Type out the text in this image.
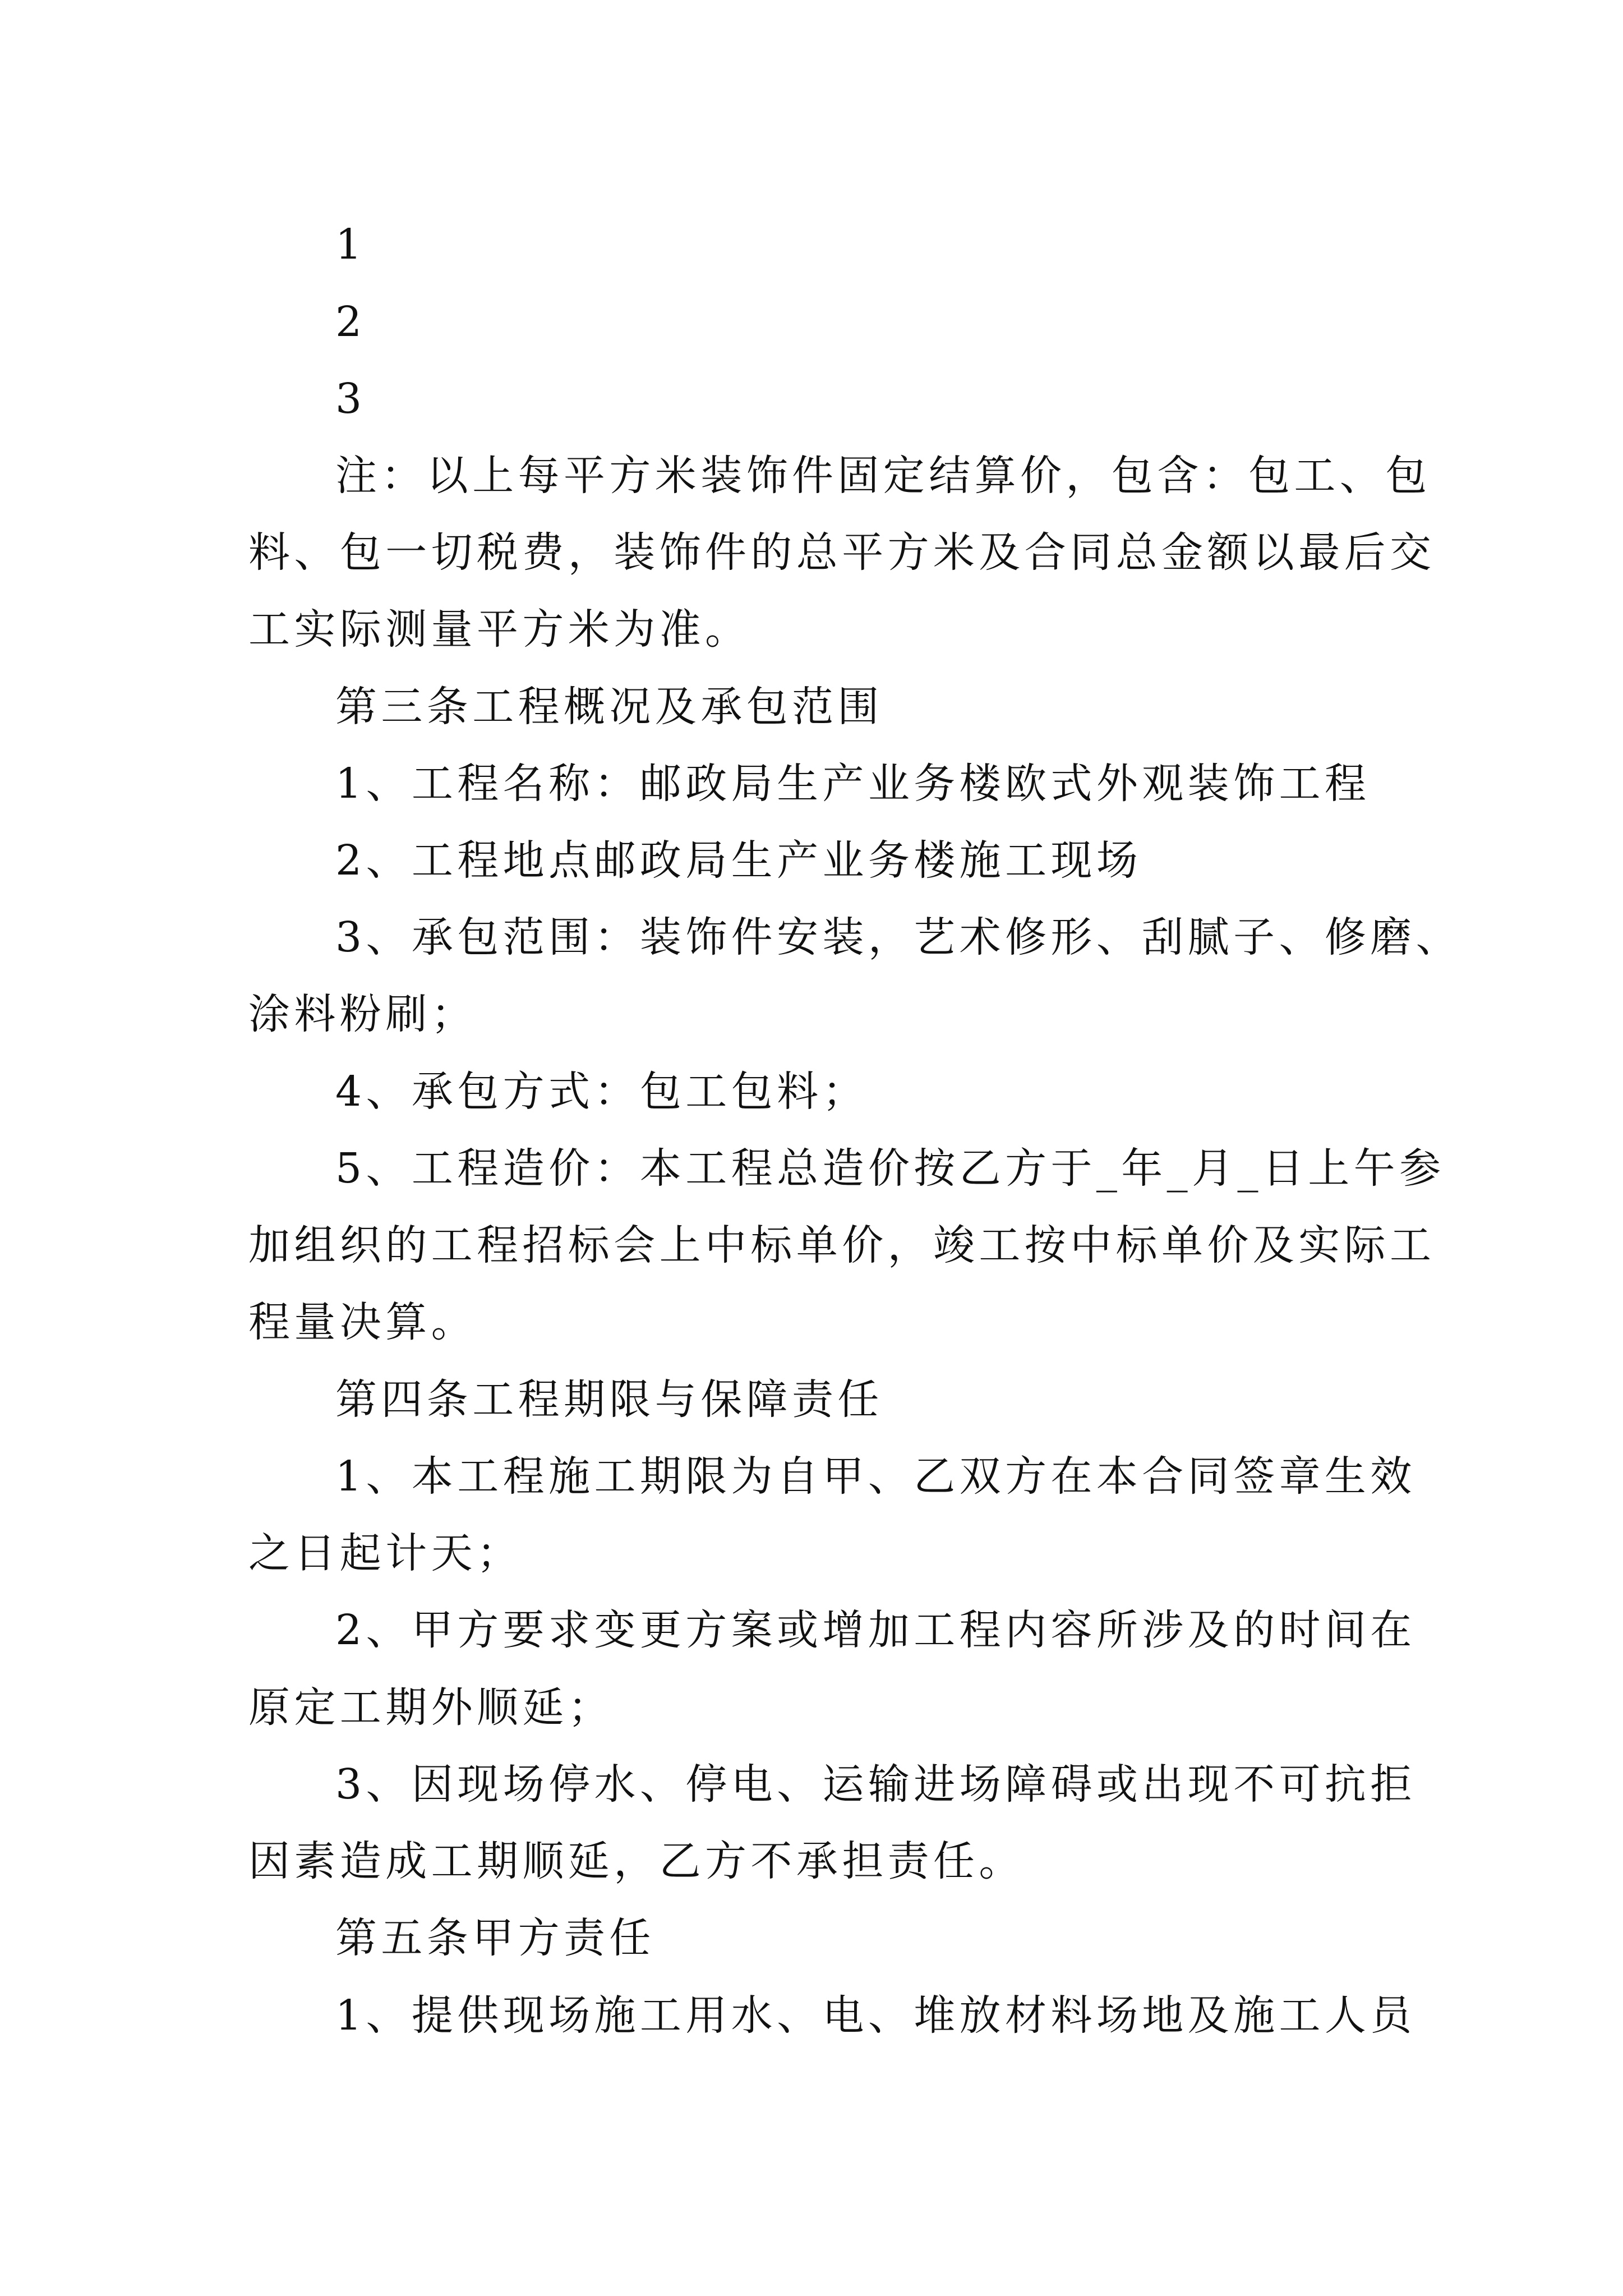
1
2
3
注：以上每平方米装饰件固定结算价，包含：包工、包
料、包一切税费，装饰件的总平方米及合同总金额以最后交
工实际测量平方米为准。
第三条工程概况及承包范围
1、工程名称：邮政局生产业务楼欧式外观装饰工程
2、工程地点邮政局生产业务楼施工现场
3、承包范围：装饰件安装，艺术修形、刮腻子、修磨、
涂料粉刷；
4、承包方式：包工包料；
5、工程造价：本工程总造价按乙方于_年_月_日上午参
加组织的工程招标会上中标单价，竣工按中标单价及实际工
程量决算。
第四条工程期限与保障责任
1、本工程施工期限为自甲、乙双方在本合同签章生效
之日起计天；
2、甲方要求变更方案或增加工程内容所涉及的时间在
原定工期外顺延；
3、因现场停水、停电、运输进场障碍或出现不可抗拒
因素造成工期顺延，乙方不承担责任。
第五条甲方责任
1、提供现场施工用水、电、堆放材料场地及施工人员
